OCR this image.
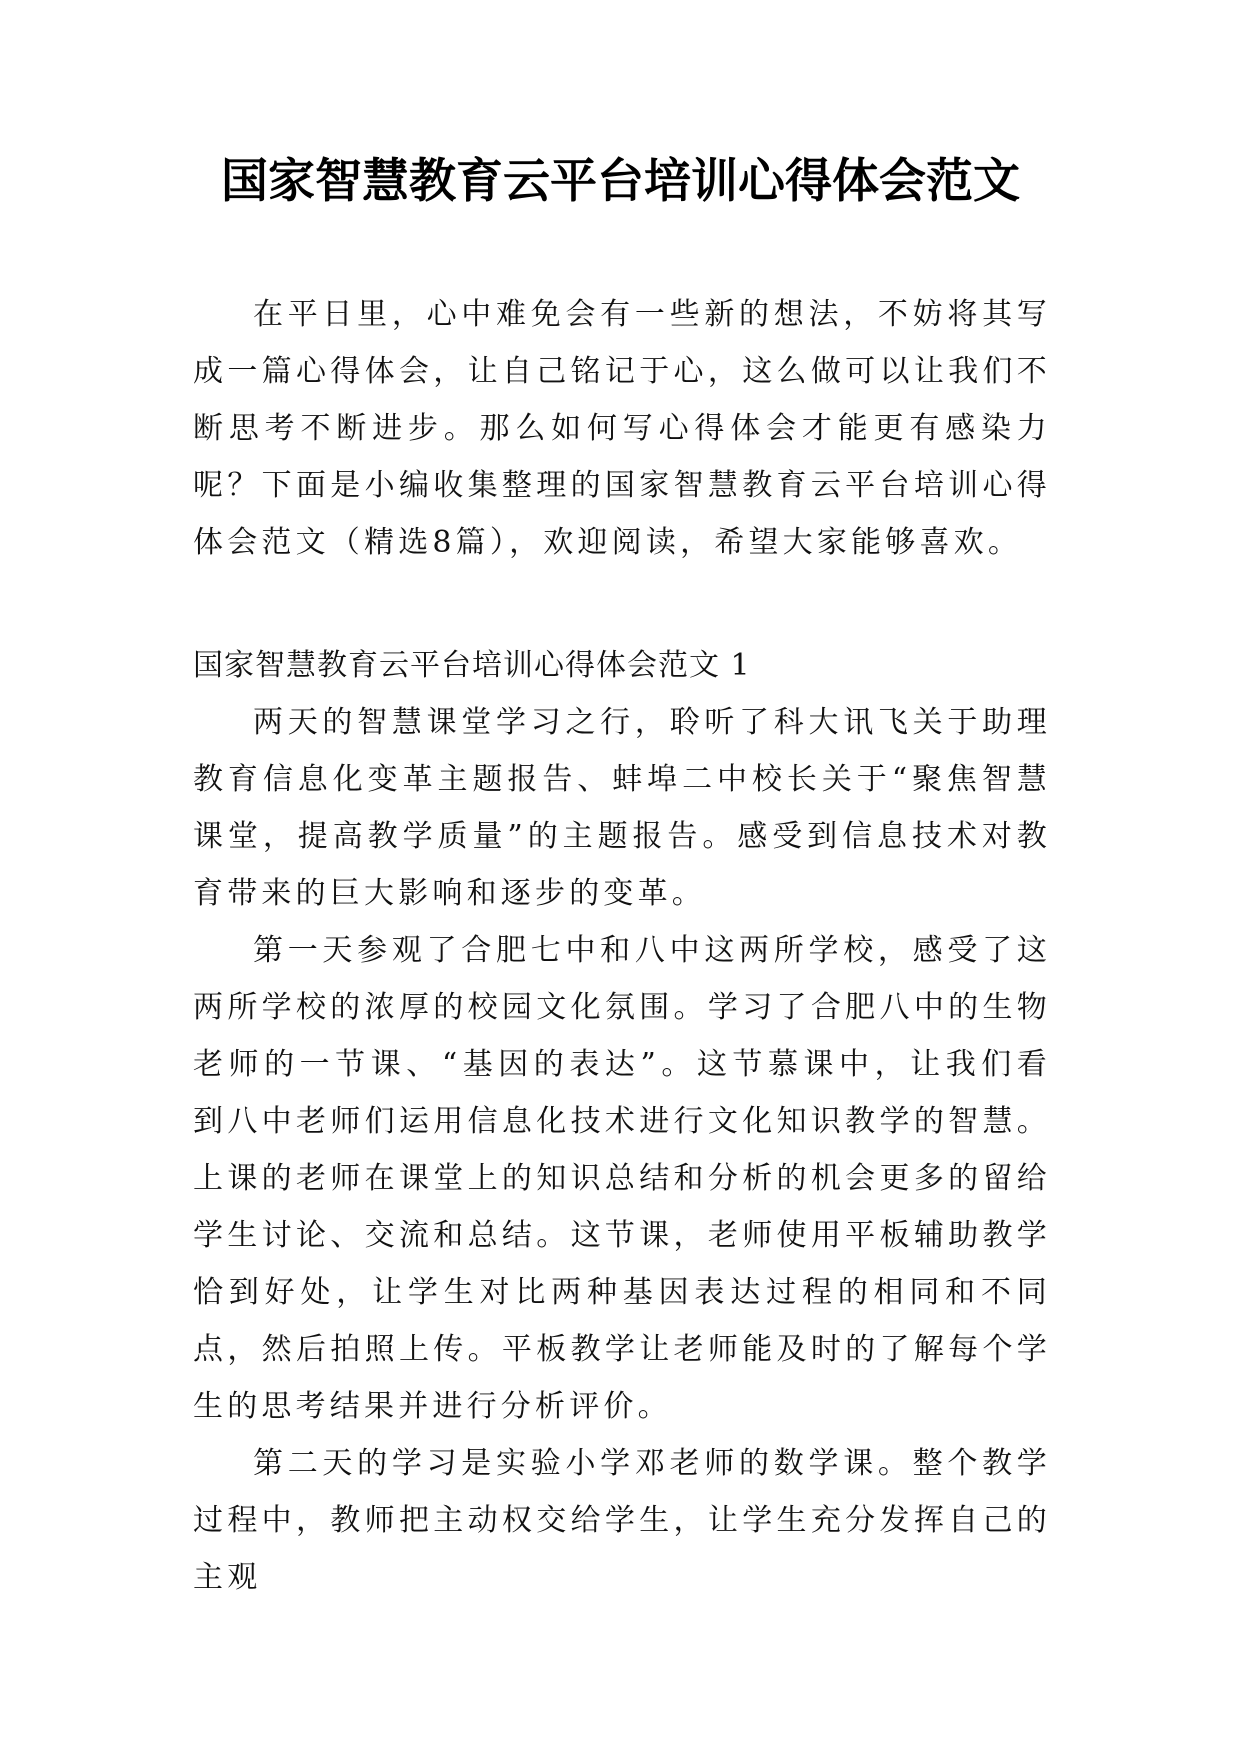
国家智慧教育云平台培训心得体会范文

在平日里，心中难免会有一些新的想法，不妨将其写成一篇心得体会，让自己铭记于心，这么做可以让我们不断思考不断进步。那么如何写心得体会才能更有感染力呢？下面是小编收集整理的国家智慧教育云平台培训心得体会范文（精选8篇），欢迎阅读，希望大家能够喜欢。

国家智慧教育云平台培训心得体会范文 1

两天的智慧课堂学习之行，聆听了科大讯飞关于助理教育信息化变革主题报告、蚌埠二中校长关于“聚焦智慧课堂，提高教学质量”的主题报告。感受到信息技术对教育带来的巨大影响和逐步的变革。

第一天参观了合肥七中和八中这两所学校，感受了这两所学校的浓厚的校园文化氛围。学习了合肥八中的生物老师的一节课、“基因的表达”。这节慕课中，让我们看到八中老师们运用信息化技术进行文化知识教学的智慧。上课的老师在课堂上的知识总结和分析的机会更多的留给学生讨论、交流和总结。这节课，老师使用平板辅助教学恰到好处，让学生对比两种基因表达过程的相同和不同点，然后拍照上传。平板教学让老师能及时的了解每个学生的思考结果并进行分析评价。

第二天的学习是实验小学邓老师的数学课。整个教学过程中，教师把主动权交给学生，让学生充分发挥自己的主观
